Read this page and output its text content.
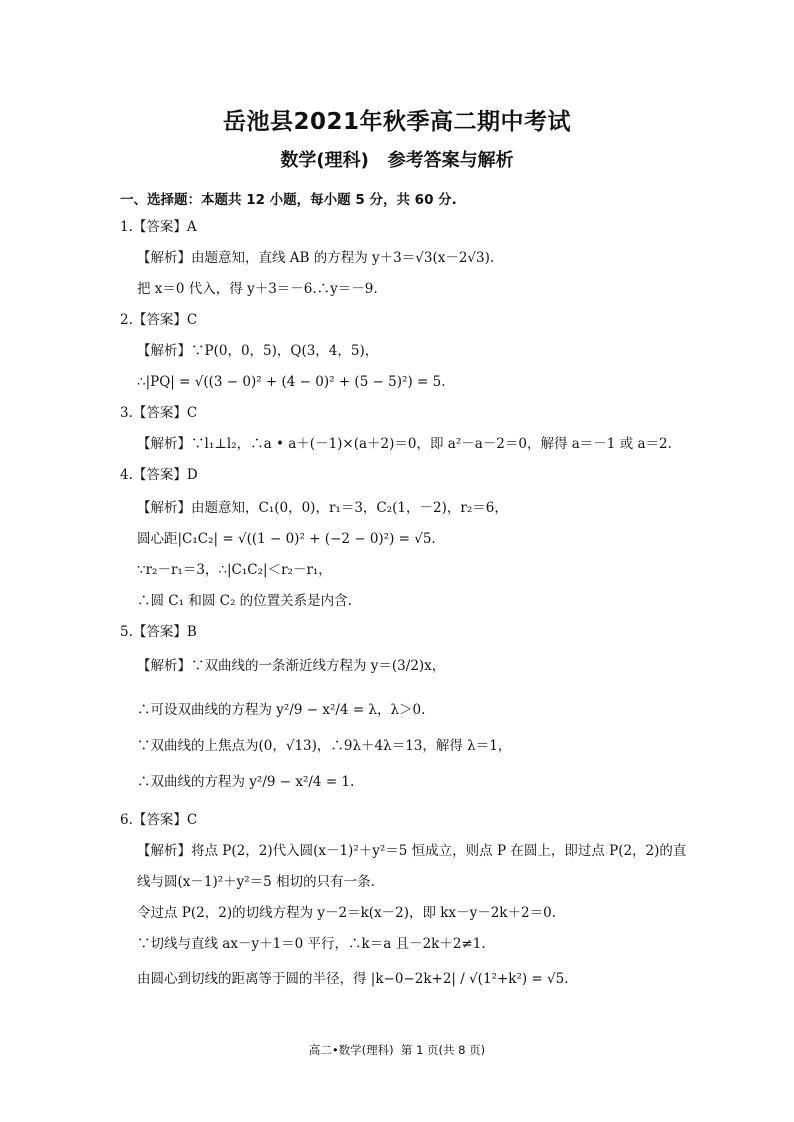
岳池县2021年秋季高二期中考试
数学(理科)   参考答案与解析
一、选择题：本题共 12 小题，每小题 5 分，共 60 分.
1.【答案】A
【解析】由题意知，直线 AB 的方程为 y＋3＝√3(x－2√3).
把 x＝0 代入，得 y＋3＝－6.∴y＝－9.
2.【答案】C
【解析】∵P(0，0，5)，Q(3，4，5)，
∴|PQ| = √((3 − 0)² + (4 − 0)² + (5 − 5)²) = 5.
3.【答案】C
【解析】∵l₁⊥l₂，∴a • a＋(－1)×(a＋2)＝0，即 a²－a－2＝0，解得 a＝－1 或 a＝2.
4.【答案】D
【解析】由题意知，C₁(0，0)，r₁＝3，C₂(1，－2)，r₂＝6，
圆心距|C₁C₂| = √((1 − 0)² + (−2 − 0)²) = √5.
∵r₂－r₁＝3，∴|C₁C₂|＜r₂－r₁，
∴圆 C₁ 和圆 C₂ 的位置关系是内含.
5.【答案】B
【解析】∵双曲线的一条渐近线方程为 y＝(3/2)x，
∴可设双曲线的方程为 y²/9 − x²/4 = λ，λ＞0.
∵双曲线的上焦点为(0，√13)，∴9λ＋4λ＝13，解得 λ＝1，
∴双曲线的方程为 y²/9 − x²/4 = 1.
6.【答案】C
【解析】将点 P(2，2)代入圆(x－1)²＋y²＝5 恒成立，则点 P 在圆上，即过点 P(2，2)的直
线与圆(x－1)²＋y²＝5 相切的只有一条.
令过点 P(2，2)的切线方程为 y－2＝k(x－2)，即 kx－y－2k＋2＝0.
∵切线与直线 ax－y＋1＝0 平行，∴k＝a 且－2k＋2≠1.
由圆心到切线的距离等于圆的半径，得 |k−0−2k+2| / √(1²+k²) = √5.
高二•数学(理科)  第 1 页(共 8 页)
